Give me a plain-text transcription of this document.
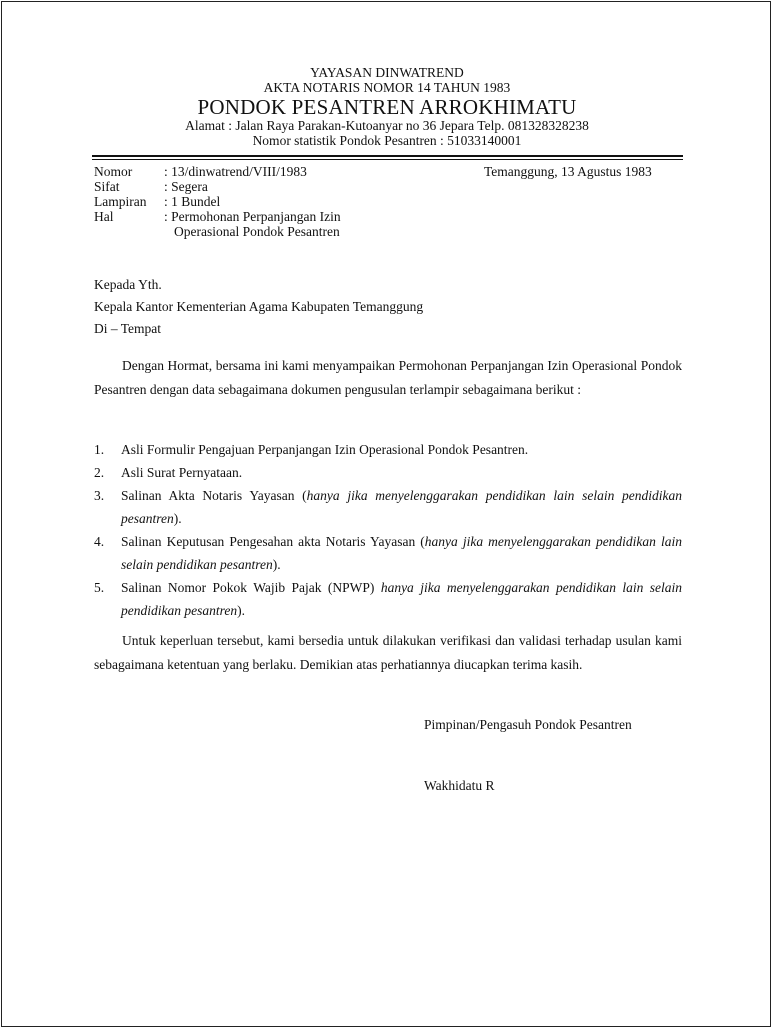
YAYASAN DINWATREND
AKTA NOTARIS NOMOR 14 TAHUN 1983
PONDOK PESANTREN ARROKHIMATU
Alamat : Jalan Raya Parakan-Kutoanyar no 36 Jepara Telp. 081328328238
Nomor statistik Pondok Pesantren : 51033140001
Nomor : 13/dinwatrend/VIII/1983	Temanggung, 13 Agustus 1983
Sifat	: Segera
Lampiran : 1 Bundel
Hal	: Permohonan Perpanjangan Izin
Operasional Pondok Pesantren
Kepada Yth.
Kepala Kantor Kementerian Agama Kabupaten Temanggung
Di – Tempat
Dengan Hormat, bersama ini kami menyampaikan Permohonan Perpanjangan Izin Operasional Pondok Pesantren dengan data sebagaimana dokumen pengusulan terlampir sebagaimana berikut :
1. Asli Formulir Pengajuan Perpanjangan Izin Operasional Pondok Pesantren.
2. Asli Surat Pernyataan.
3. Salinan Akta Notaris Yayasan (hanya jika menyelenggarakan pendidikan lain selain pendidikan pesantren).
4. Salinan Keputusan Pengesahan akta Notaris Yayasan (hanya jika menyelenggarakan pendidikan lain selain pendidikan pesantren).
5. Salinan Nomor Pokok Wajib Pajak (NPWP) hanya jika menyelenggarakan pendidikan lain selain pendidikan pesantren).
Untuk keperluan tersebut, kami bersedia untuk dilakukan verifikasi dan validasi terhadap usulan kami sebagaimana ketentuan yang berlaku. Demikian atas perhatiannya diucapkan terima kasih.
Pimpinan/Pengasuh Pondok Pesantren
Wakhidatu R
